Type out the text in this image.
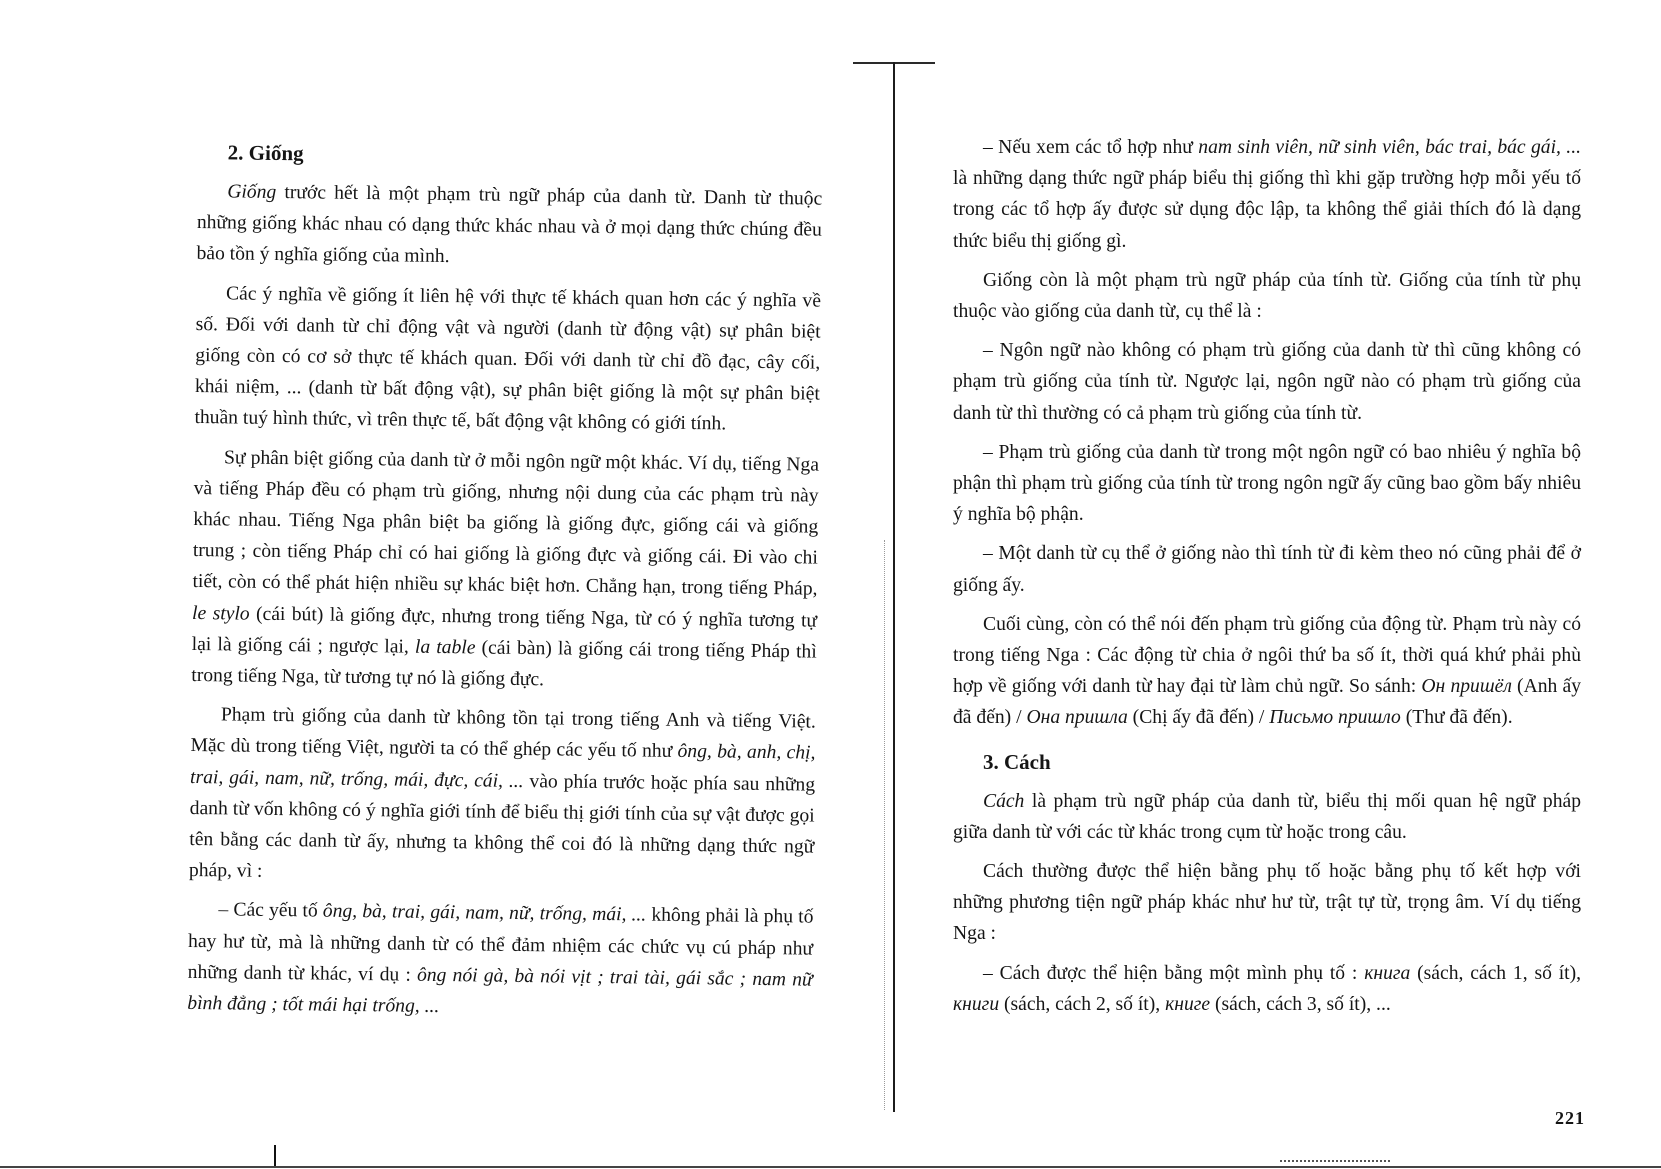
2. Giống

Giống trước hết là một phạm trù ngữ pháp của danh từ. Danh từ thuộc những giống khác nhau có dạng thức khác nhau và ở mọi dạng thức chúng đều bảo tồn ý nghĩa giống của mình.

Các ý nghĩa về giống ít liên hệ với thực tế khách quan hơn các ý nghĩa về số. Đối với danh từ chỉ động vật và người (danh từ động vật) sự phân biệt giống còn có cơ sở thực tế khách quan. Đối với danh từ chỉ đồ đạc, cây cối, khái niệm, ... (danh từ bất động vật), sự phân biệt giống là một sự phân biệt thuần tuý hình thức, vì trên thực tế, bất động vật không có giới tính.

Sự phân biệt giống của danh từ ở mỗi ngôn ngữ một khác. Ví dụ, tiếng Nga và tiếng Pháp đều có phạm trù giống, nhưng nội dung của các phạm trù này khác nhau. Tiếng Nga phân biệt ba giống là giống đực, giống cái và giống trung ; còn tiếng Pháp chỉ có hai giống là giống đực và giống cái. Đi vào chi tiết, còn có thể phát hiện nhiều sự khác biệt hơn. Chẳng hạn, trong tiếng Pháp, le stylo (cái bút) là giống đực, nhưng trong tiếng Nga, từ có ý nghĩa tương tự lại là giống cái ; ngược lại, la table (cái bàn) là giống cái trong tiếng Pháp thì trong tiếng Nga, từ tương tự nó là giống đực.

Phạm trù giống của danh từ không tồn tại trong tiếng Anh và tiếng Việt. Mặc dù trong tiếng Việt, người ta có thể ghép các yếu tố như ông, bà, anh, chị, trai, gái, nam, nữ, trống, mái, đực, cái, ... vào phía trước hoặc phía sau những danh từ vốn không có ý nghĩa giới tính để biểu thị giới tính của sự vật được gọi tên bằng các danh từ ấy, nhưng ta không thể coi đó là những dạng thức ngữ pháp, vì :

– Các yếu tố ông, bà, trai, gái, nam, nữ, trống, mái, ... không phải là phụ tố hay hư từ, mà là những danh từ có thể đảm nhiệm các chức vụ cú pháp như những danh từ khác, ví dụ : ông nói gà, bà nói vịt ; trai tài, gái sắc ; nam nữ bình đẳng ; tốt mái hại trống, ...

– Nếu xem các tổ hợp như nam sinh viên, nữ sinh viên, bác trai, bác gái, ... là những dạng thức ngữ pháp biểu thị giống thì khi gặp trường hợp mỗi yếu tố trong các tổ hợp ấy được sử dụng độc lập, ta không thể giải thích đó là dạng thức biểu thị giống gì.

Giống còn là một phạm trù ngữ pháp của tính từ. Giống của tính từ phụ thuộc vào giống của danh từ, cụ thể là :

– Ngôn ngữ nào không có phạm trù giống của danh từ thì cũng không có phạm trù giống của tính từ. Ngược lại, ngôn ngữ nào có phạm trù giống của danh từ thì thường có cả phạm trù giống của tính từ.

– Phạm trù giống của danh từ trong một ngôn ngữ có bao nhiêu ý nghĩa bộ phận thì phạm trù giống của tính từ trong ngôn ngữ ấy cũng bao gồm bấy nhiêu ý nghĩa bộ phận.

– Một danh từ cụ thể ở giống nào thì tính từ đi kèm theo nó cũng phải để ở giống ấy.

Cuối cùng, còn có thể nói đến phạm trù giống của động từ. Phạm trù này có trong tiếng Nga : Các động từ chia ở ngôi thứ ba số ít, thời quá khứ phải phù hợp về giống với danh từ hay đại từ làm chủ ngữ. So sánh: Он пришёл (Anh ấy đã đến) / Она пришла (Chị ấy đã đến) / Письмо пришло (Thư đã đến).

3. Cách

Cách là phạm trù ngữ pháp của danh từ, biểu thị mối quan hệ ngữ pháp giữa danh từ với các từ khác trong cụm từ hoặc trong câu.

Cách thường được thể hiện bằng phụ tố hoặc bằng phụ tố kết hợp với những phương tiện ngữ pháp khác như hư từ, trật tự từ, trọng âm. Ví dụ tiếng Nga :

– Cách được thể hiện bằng một mình phụ tố : книга (sách, cách 1, số ít), книги (sách, cách 2, số ít), книге (sách, cách 3, số ít), ...

221
